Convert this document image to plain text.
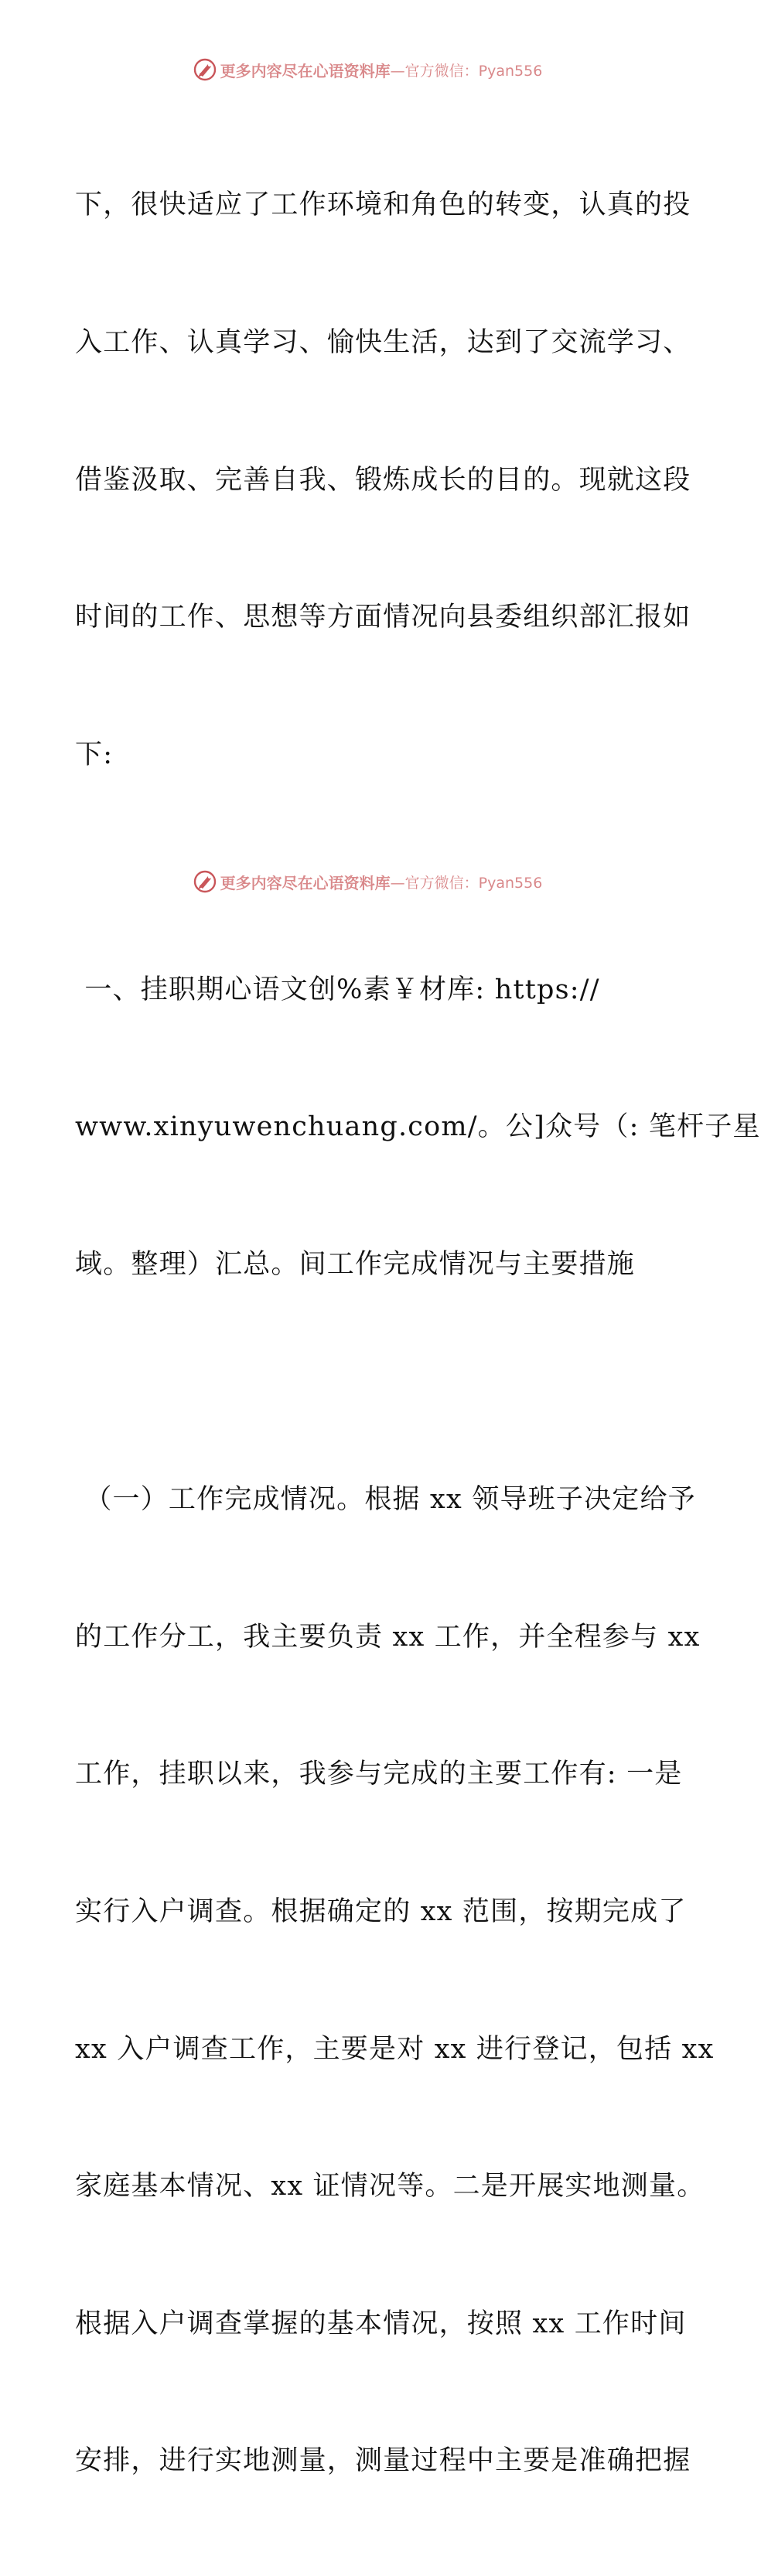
更多内容尽在心语资料库 —官方微信：Pyan556

下，很快适应了工作环境和角色的转变，认真的投

入工作、认真学习、愉快生活，达到了交流学习、

借鉴汲取、完善自我、锻炼成长的目的。现就这段

时间的工作、思想等方面情况向县委组织部汇报如

下:

一、挂职期心语文创%素￥材库: https://

www.xinyuwenchuang.com/。公]众号（: 笔杆子星

域。整理）汇总。间工作完成情况与主要措施

（一）工作完成情况。根据 xx 领导班子决定给予

的工作分工，我主要负责 xx 工作，并全程参与 xx

工作，挂职以来，我参与完成的主要工作有: 一是

实行入户调查。根据确定的 xx 范围，按期完成了

xx 入户调查工作，主要是对 xx 进行登记，包括 xx

家庭基本情况、xx 证情况等。二是开展实地测量。

根据入户调查掌握的基本情况，按照 xx 工作时间

安排，进行实地测量，测量过程中主要是准确把握

更多内容尽在心语资料库 —官方微信：Pyan556
